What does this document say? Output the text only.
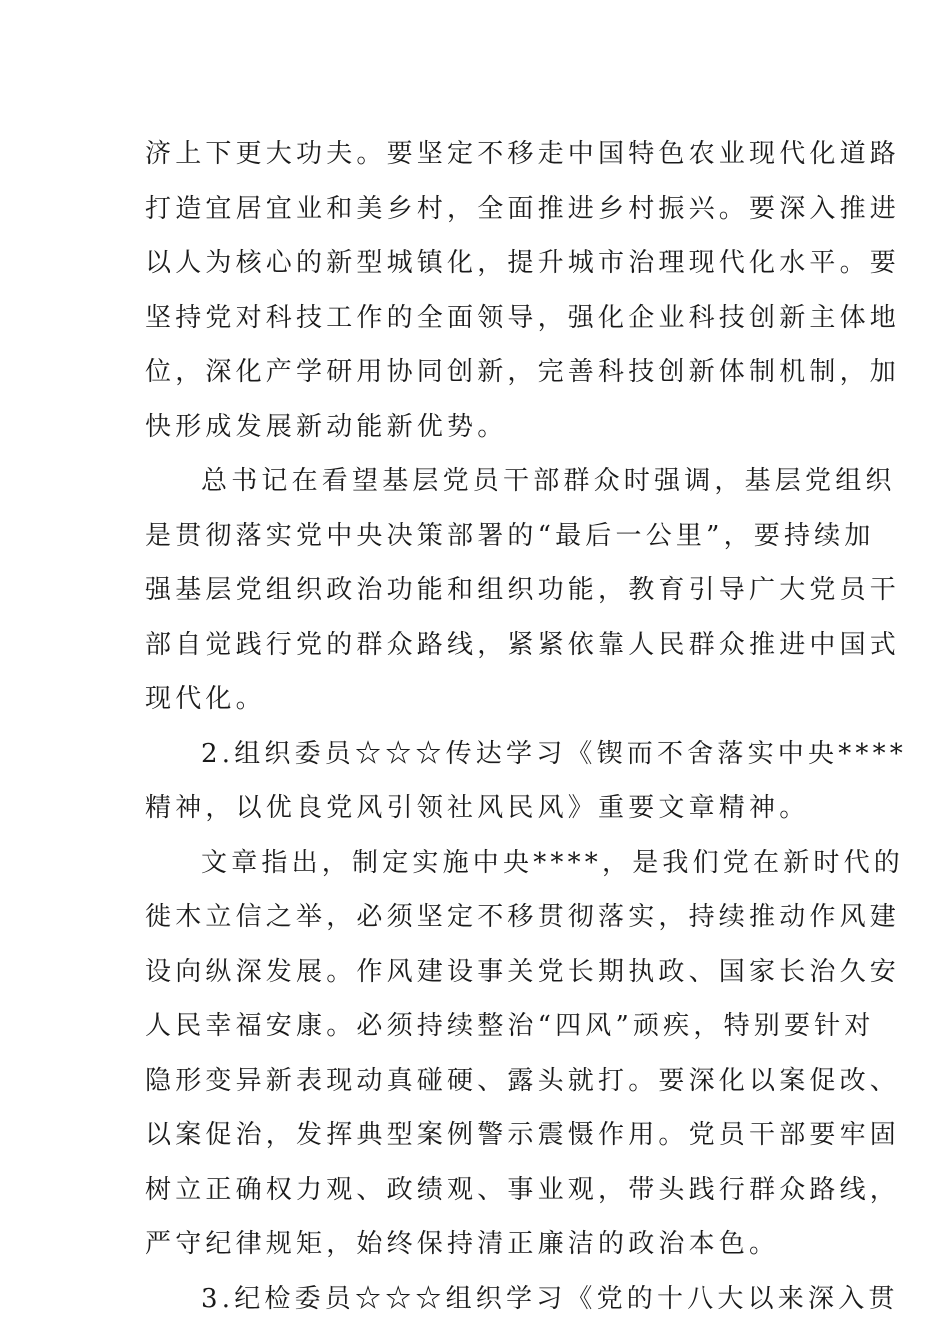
济上下更大功夫。要坚定不移走中国特色农业现代化道路
打造宜居宜业和美乡村，全面推进乡村振兴。要深入推进
以人为核心的新型城镇化，提升城市治理现代化水平。要
坚持党对科技工作的全面领导，强化企业科技创新主体地
位，深化产学研用协同创新，完善科技创新体制机制，加
快形成发展新动能新优势。
总书记在看望基层党员干部群众时强调，基层党组织
是贯彻落实党中央决策部署的“最后一公里”，要持续加
强基层党组织政治功能和组织功能，教育引导广大党员干
部自觉践行党的群众路线，紧紧依靠人民群众推进中国式
现代化。
2.组织委员☆☆☆传达学习《锲而不舍落实中央****
精神，以优良党风引领社风民风》重要文章精神。
文章指出，制定实施中央****，是我们党在新时代的
徙木立信之举，必须坚定不移贯彻落实，持续推动作风建
设向纵深发展。作风建设事关党长期执政、国家长治久安
人民幸福安康。必须持续整治“四风”顽疾，特别要针对
隐形变异新表现动真碰硬、露头就打。要深化以案促改、
以案促治，发挥典型案例警示震慑作用。党员干部要牢固
树立正确权力观、政绩观、事业观，带头践行群众路线，
严守纪律规矩，始终保持清正廉洁的政治本色。
3.纪检委员☆☆☆组织学习《党的十八大以来深入贯
